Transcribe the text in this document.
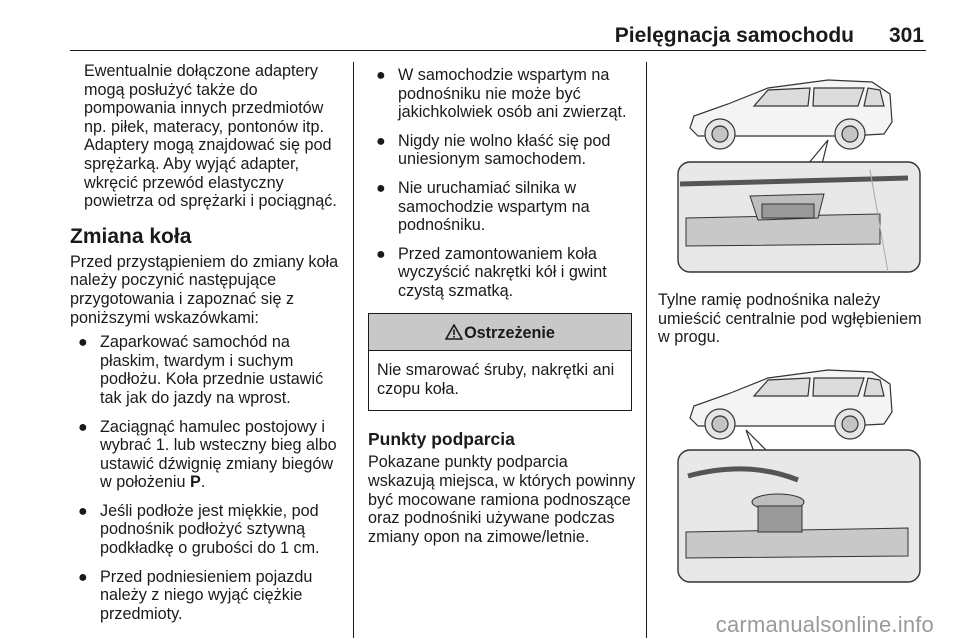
Pielęgnacja samochodu 301

Ewentualnie dołączone adaptery mogą posłużyć także do pompowania innych przedmiotów np. piłek, materacy, pontonów itp. Adaptery mogą znajdować się pod sprężarką. Aby wyjąć adapter, wkręcić przewód elastyczny powietrza od sprężarki i pociągnąć.

Zmiana koła

Przed przystąpieniem do zmiany koła należy poczynić następujące przygotowania i zapoznać się z poniższymi wskazówkami:

● Zaparkować samochód na płaskim, twardym i suchym podłożu. Koła przednie ustawić tak jak do jazdy na wprost.
● Zaciągnąć hamulec postojowy i wybrać 1. lub wsteczny bieg albo ustawić dźwignię zmiany biegów w położeniu P.
● Jeśli podłoże jest miękkie, pod podnośnik podłożyć sztywną podkładkę o grubości do 1 cm.
● Przed podniesieniem pojazdu należy z niego wyjąć ciężkie przedmioty.
● W samochodzie wspartym na podnośniku nie może być jakichkolwiek osób ani zwierząt.
● Nigdy nie wolno kłaść się pod uniesionym samochodem.
● Nie uruchamiać silnika w samochodzie wspartym na podnośniku.
● Przed zamontowaniem koła wyczyścić nakrętki kół i gwint czystą szmatką.
Ostrzeżenie
Nie smarować śruby, nakrętki ani czopu koła.
Punkty podparcia

Pokazane punkty podparcia wskazują miejsca, w których powinny być mocowane ramiona podnoszące oraz podnośniki używane podczas zmiany opon na zimowe/letnie.

Tylne ramię podnośnika należy umieścić centralnie pod wgłębieniem w progu.
carmanualsonline.info
